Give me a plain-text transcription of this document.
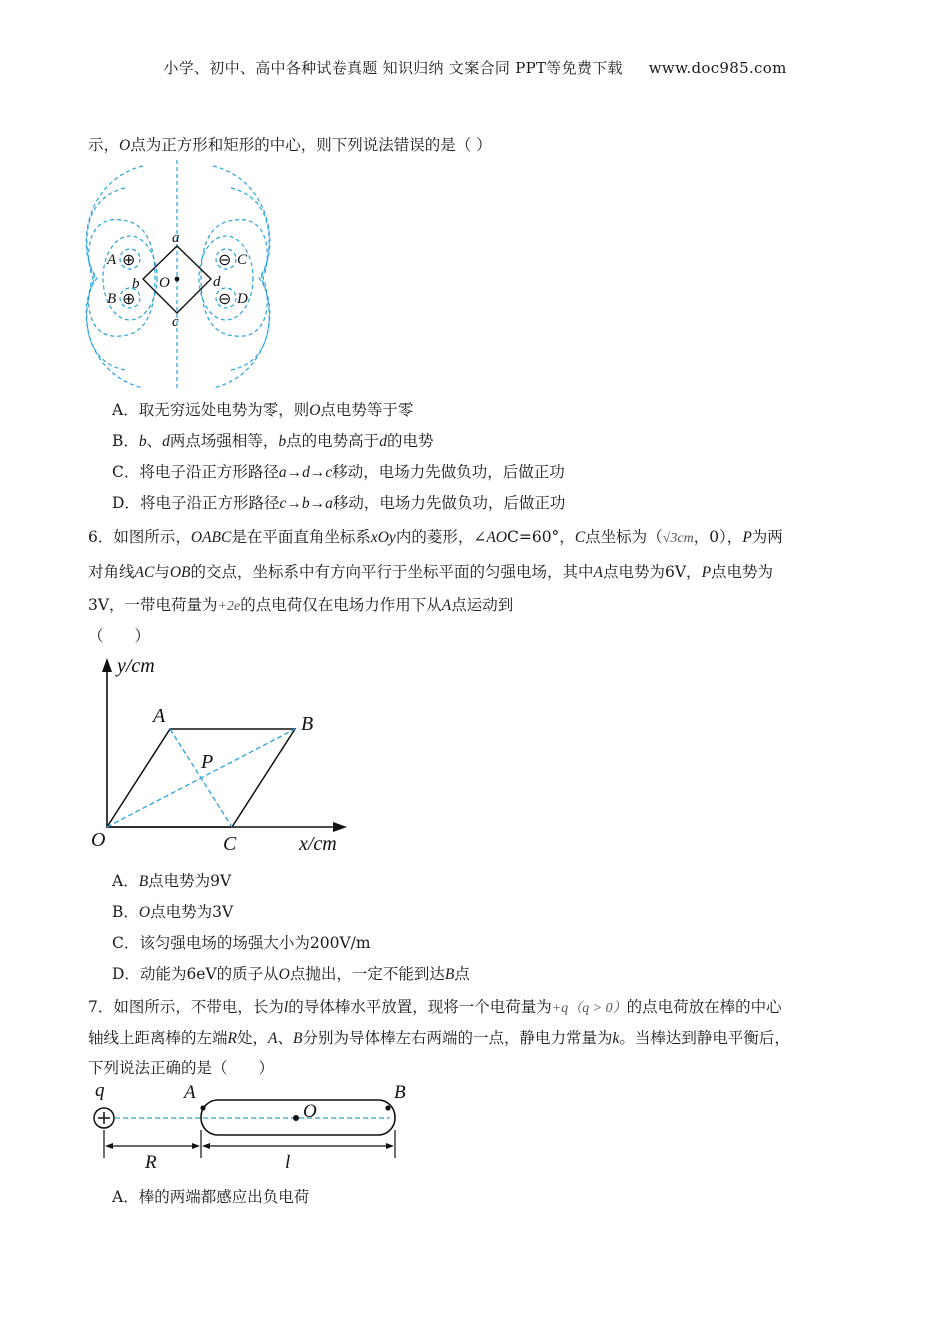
小学、初中、高中各种试卷真题 知识归纳 文案合同 PPT等免费下载 www.doc985.com
示，O点为正方形和矩形的中心，则下列说法错误的是（ ）
a
b
c
d
O
A
B
C
D
⊕
⊕
⊖
⊖
A．取无穷远处电势为零，则O点电势等于零
B．b、d两点场强相等，b点的电势高于d的电势
C．将电子沿正方形路径a→d→c移动，电场力先做负功，后做正功
D．将电子沿正方形路径c→b→a移动，电场力先做负功，后做正功
6．如图所示，OABC是在平面直角坐标系xOy内的菱形，∠AOC=60°，C点坐标为（√3cm，0），P为两
对角线AC与OB的交点，坐标系中有方向平行于坐标平面的匀强电场，其中A点电势为6V，P点电势为
3V，一带电荷量为+2e的点电荷仅在电场力作用下从A点运动到
（　　）
y/cm
x/cm
O
A	B
C
P
A．B点电势为9V
B．O点电势为3V
C．该匀强电场的场强大小为200V/m
D．动能为6eV的质子从O点抛出，一定不能到达B点
7．如图所示，不带电，长为l的导体棒水平放置，现将一个电荷量为+q（q > 0）的点电荷放在棒的中心
轴线上距离棒的左端R处，A、B分别为导体棒左右两端的一点，静电力常量为k。当棒达到静电平衡后，
下列说法正确的是（　　）
q	A	B
O
R	l
A．棒的两端都感应出负电荷
